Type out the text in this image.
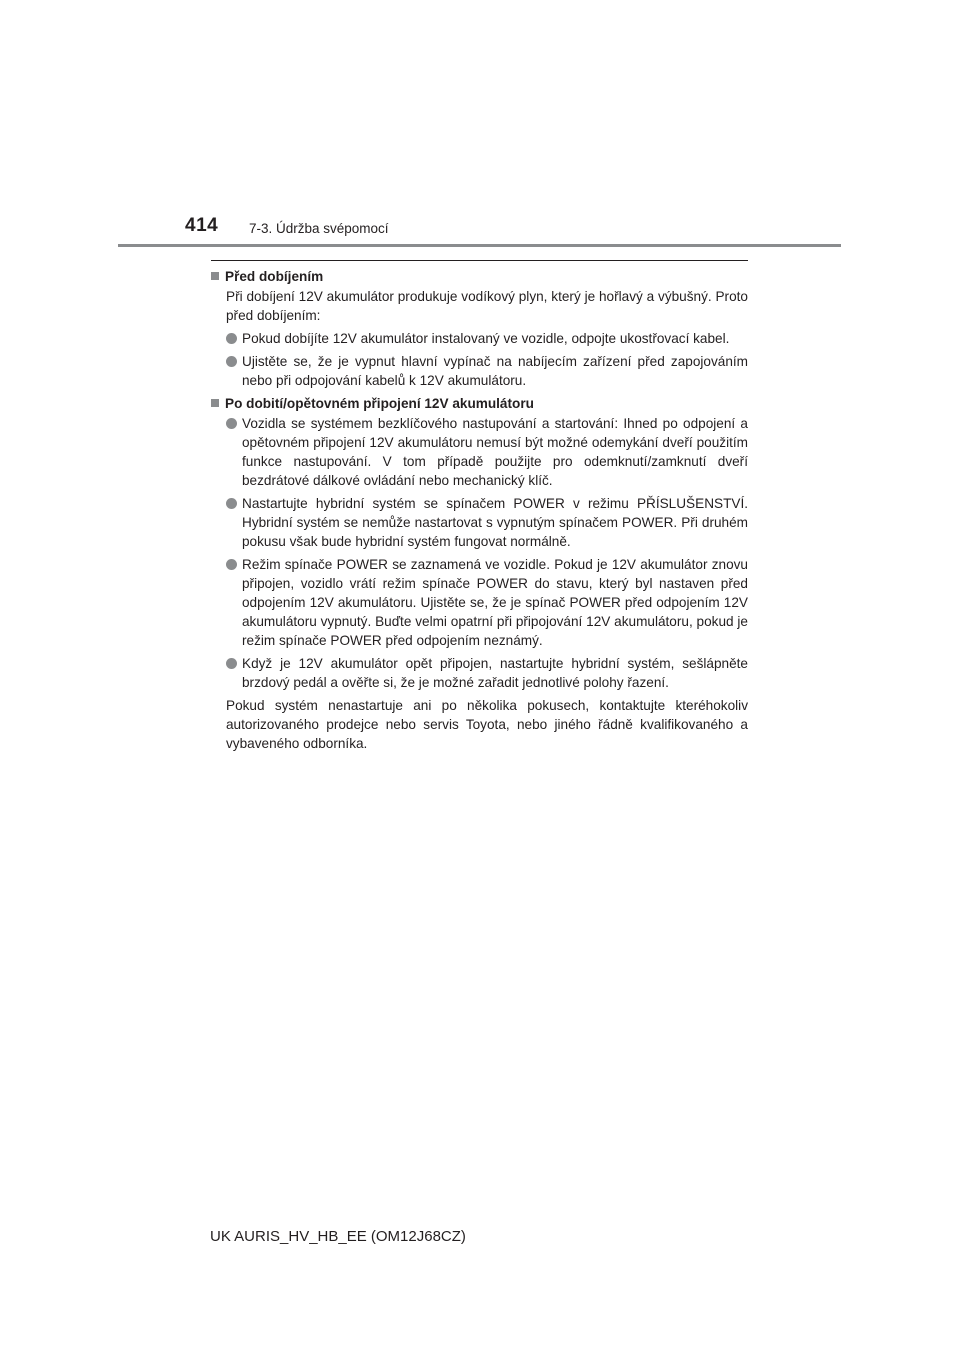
414 7-3. Údržba svépomocí
Před dobíjením
Při dobíjení 12V akumulátor produkuje vodíkový plyn, který je hořlavý a výbušný. Proto před dobíjením:
Pokud dobíjíte 12V akumulátor instalovaný ve vozidle, odpojte ukostřovací kabel.
Ujistěte se, že je vypnut hlavní vypínač na nabíjecím zařízení před zapojováním nebo při odpojování kabelů k 12V akumulátoru.
Po dobití/opětovném připojení 12V akumulátoru
Vozidla se systémem bezklíčového nastupování a startování: Ihned po odpojení a opětovném připojení 12V akumulátoru nemusí být možné odemykání dveří použitím funkce nastupování. V tom případě použijte pro odemknutí/zamknutí dveří bezdrátové dálkové ovládání nebo mechanický klíč.
Nastartujte hybridní systém se spínačem POWER v režimu PŘÍSLUŠENSTVÍ. Hybridní systém se nemůže nastartovat s vypnutým spínačem POWER. Při druhém pokusu však bude hybridní systém fungovat normálně.
Režim spínače POWER se zaznamená ve vozidle. Pokud je 12V akumulátor znovu připojen, vozidlo vrátí režim spínače POWER do stavu, který byl nastaven před odpojením 12V akumulátoru. Ujistěte se, že je spínač POWER před odpojením 12V akumulátoru vypnutý. Buďte velmi opatrní při připojování 12V akumulátoru, pokud je režim spínače POWER před odpojením neznámý.
Když je 12V akumulátor opět připojen, nastartujte hybridní systém, sešlápněte brzdový pedál a ověřte si, že je možné zařadit jednotlivé polohy řazení.
Pokud systém nenastartuje ani po několika pokusech, kontaktujte kteréhokoliv autorizovaného prodejce nebo servis Toyota, nebo jiného řádně kvalifikovaného a vybaveného odborníka.
UK AURIS_HV_HB_EE (OM12J68CZ)
